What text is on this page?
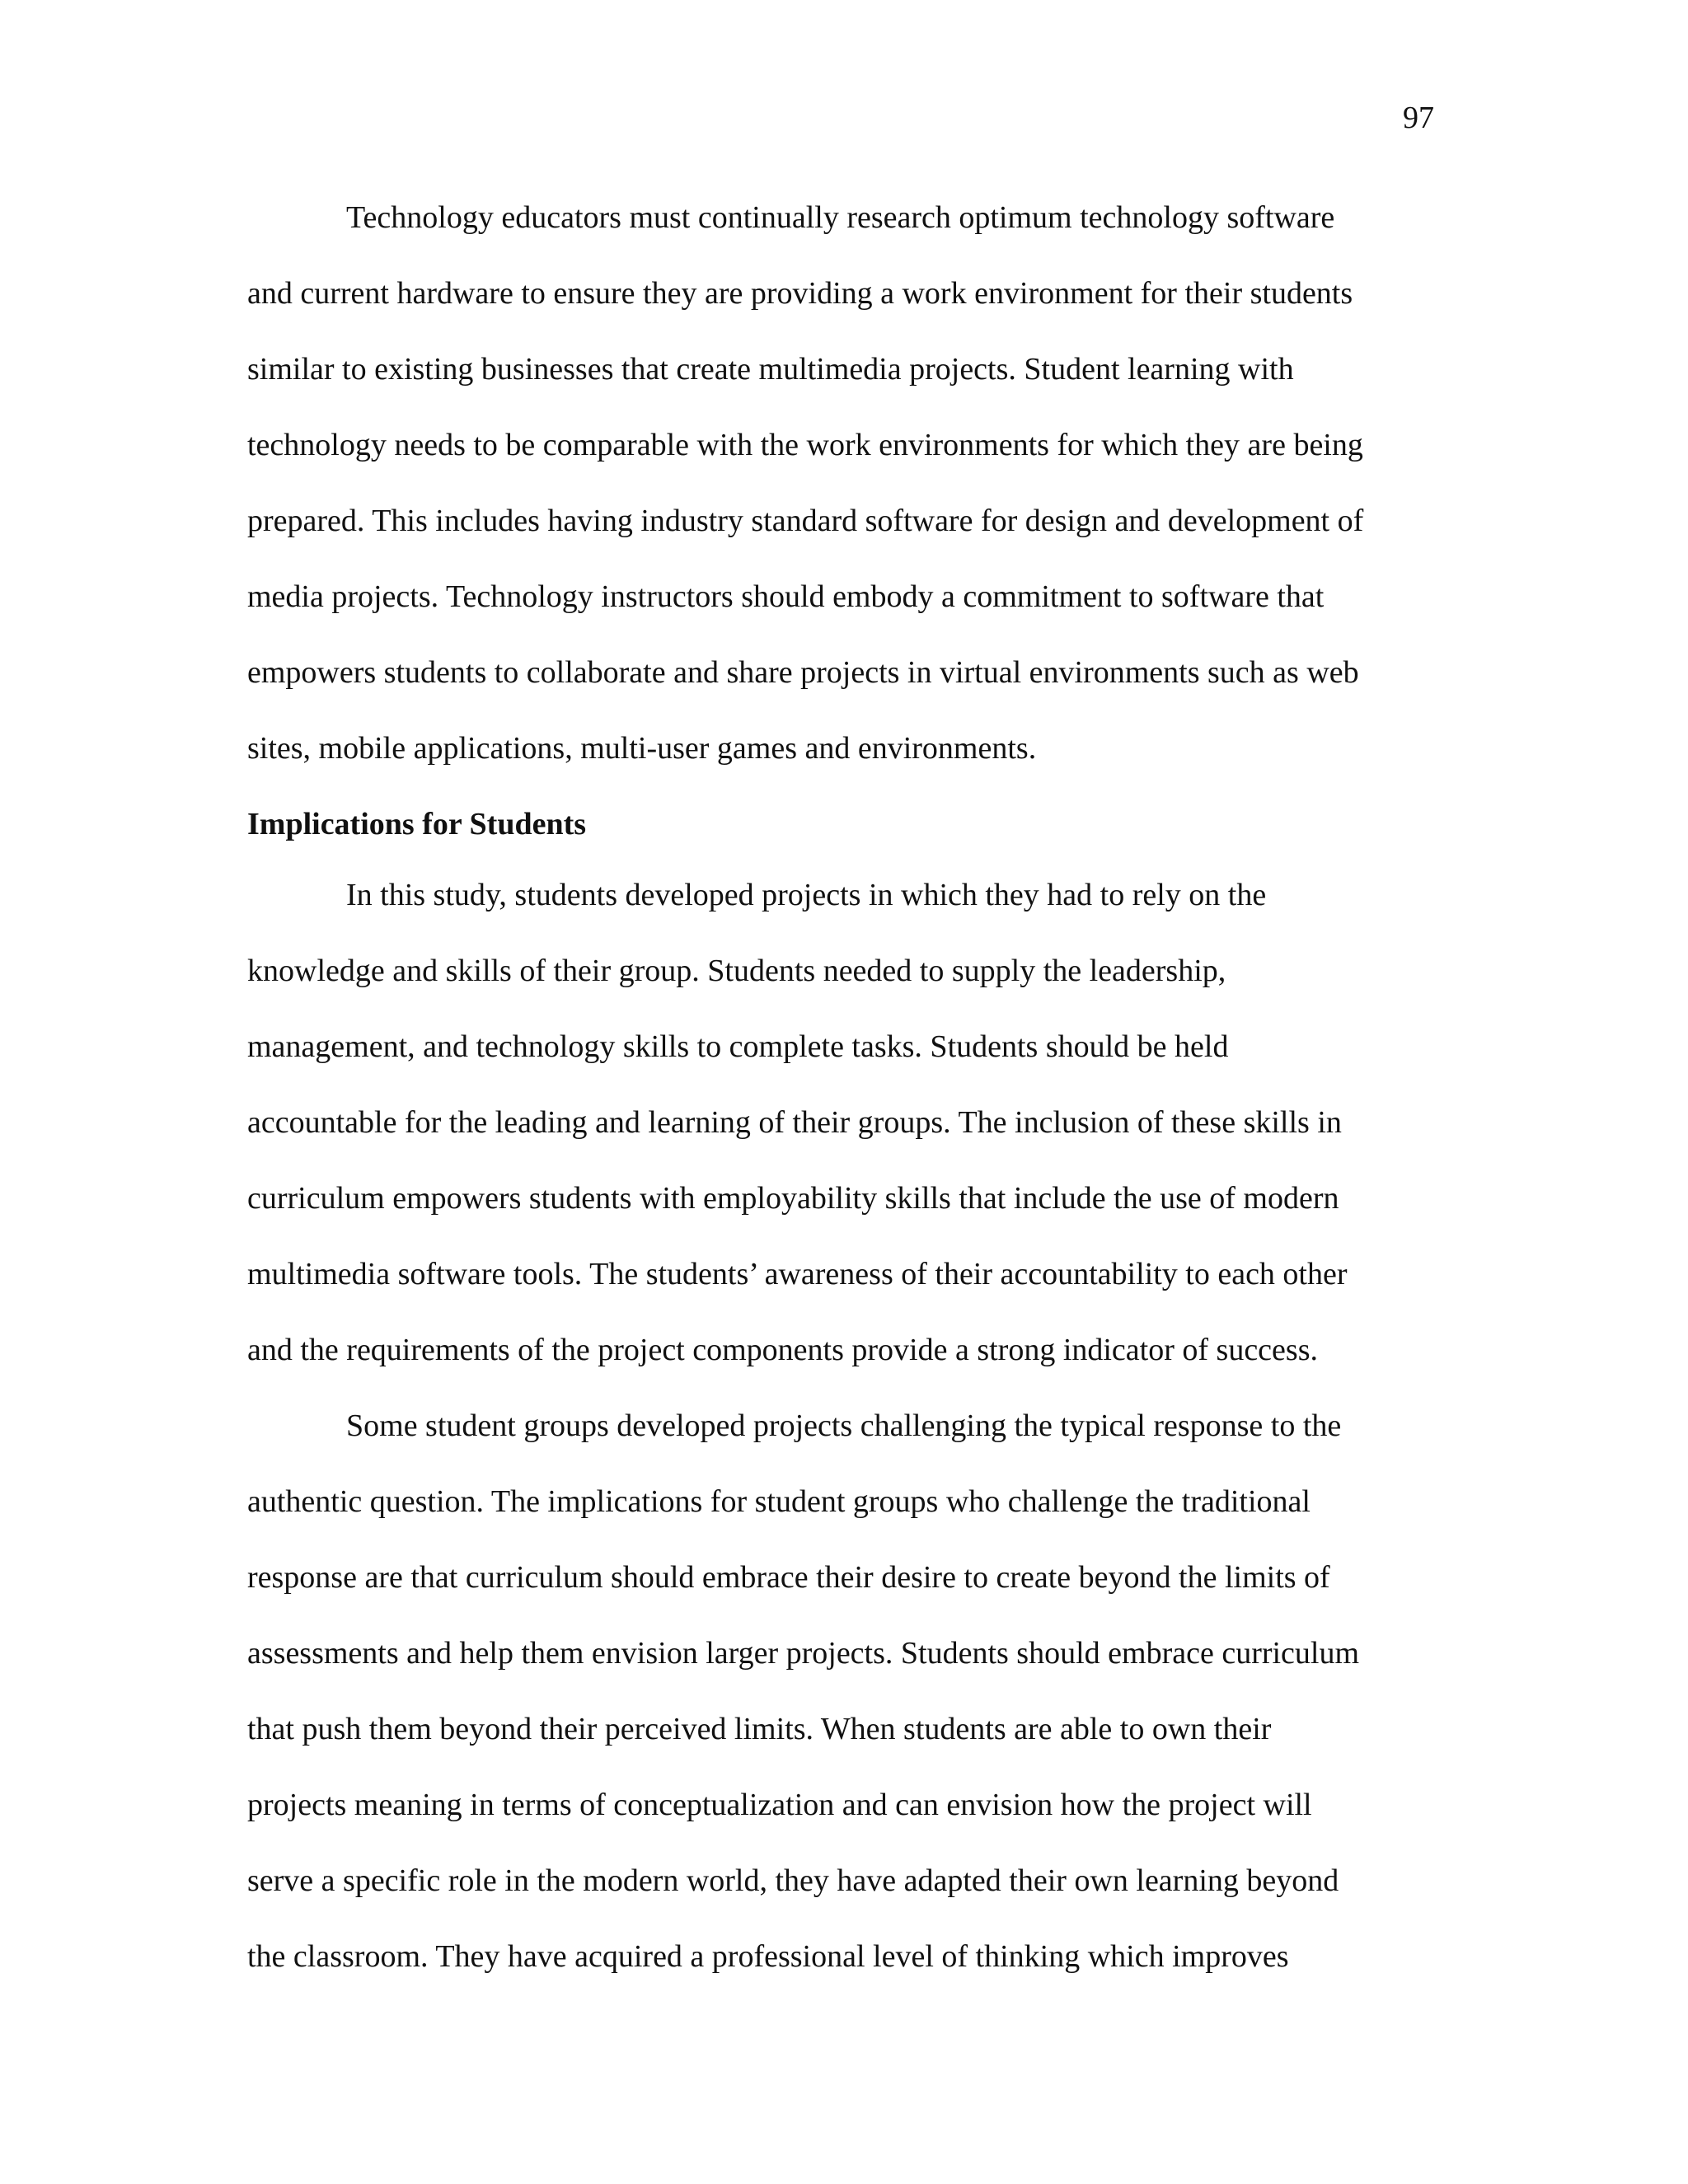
97
Technology educators must continually research optimum technology software
and current hardware to ensure they are providing a work environment for their students
similar to existing businesses that create multimedia projects. Student learning with
technology needs to be comparable with the work environments for which they are being
prepared. This includes having industry standard software for design and development of
media projects. Technology instructors should embody a commitment to software that
empowers students to collaborate and share projects in virtual environments such as web
sites, mobile applications, multi-user games and environments.
Implications for Students
In this study, students developed projects in which they had to rely on the
knowledge and skills of their group. Students needed to supply the leadership,
management, and technology skills to complete tasks. Students should be held
accountable for the leading and learning of their groups. The inclusion of these skills in
curriculum empowers students with employability skills that include the use of modern
multimedia software tools. The students’ awareness of their accountability to each other
and the requirements of the project components provide a strong indicator of success.
Some student groups developed projects challenging the typical response to the
authentic question. The implications for student groups who challenge the traditional
response are that curriculum should embrace their desire to create beyond the limits of
assessments and help them envision larger projects. Students should embrace curriculum
that push them beyond their perceived limits. When students are able to own their
projects meaning in terms of conceptualization and can envision how the project will
serve a specific role in the modern world, they have adapted their own learning beyond
the classroom. They have acquired a professional level of thinking which improves
